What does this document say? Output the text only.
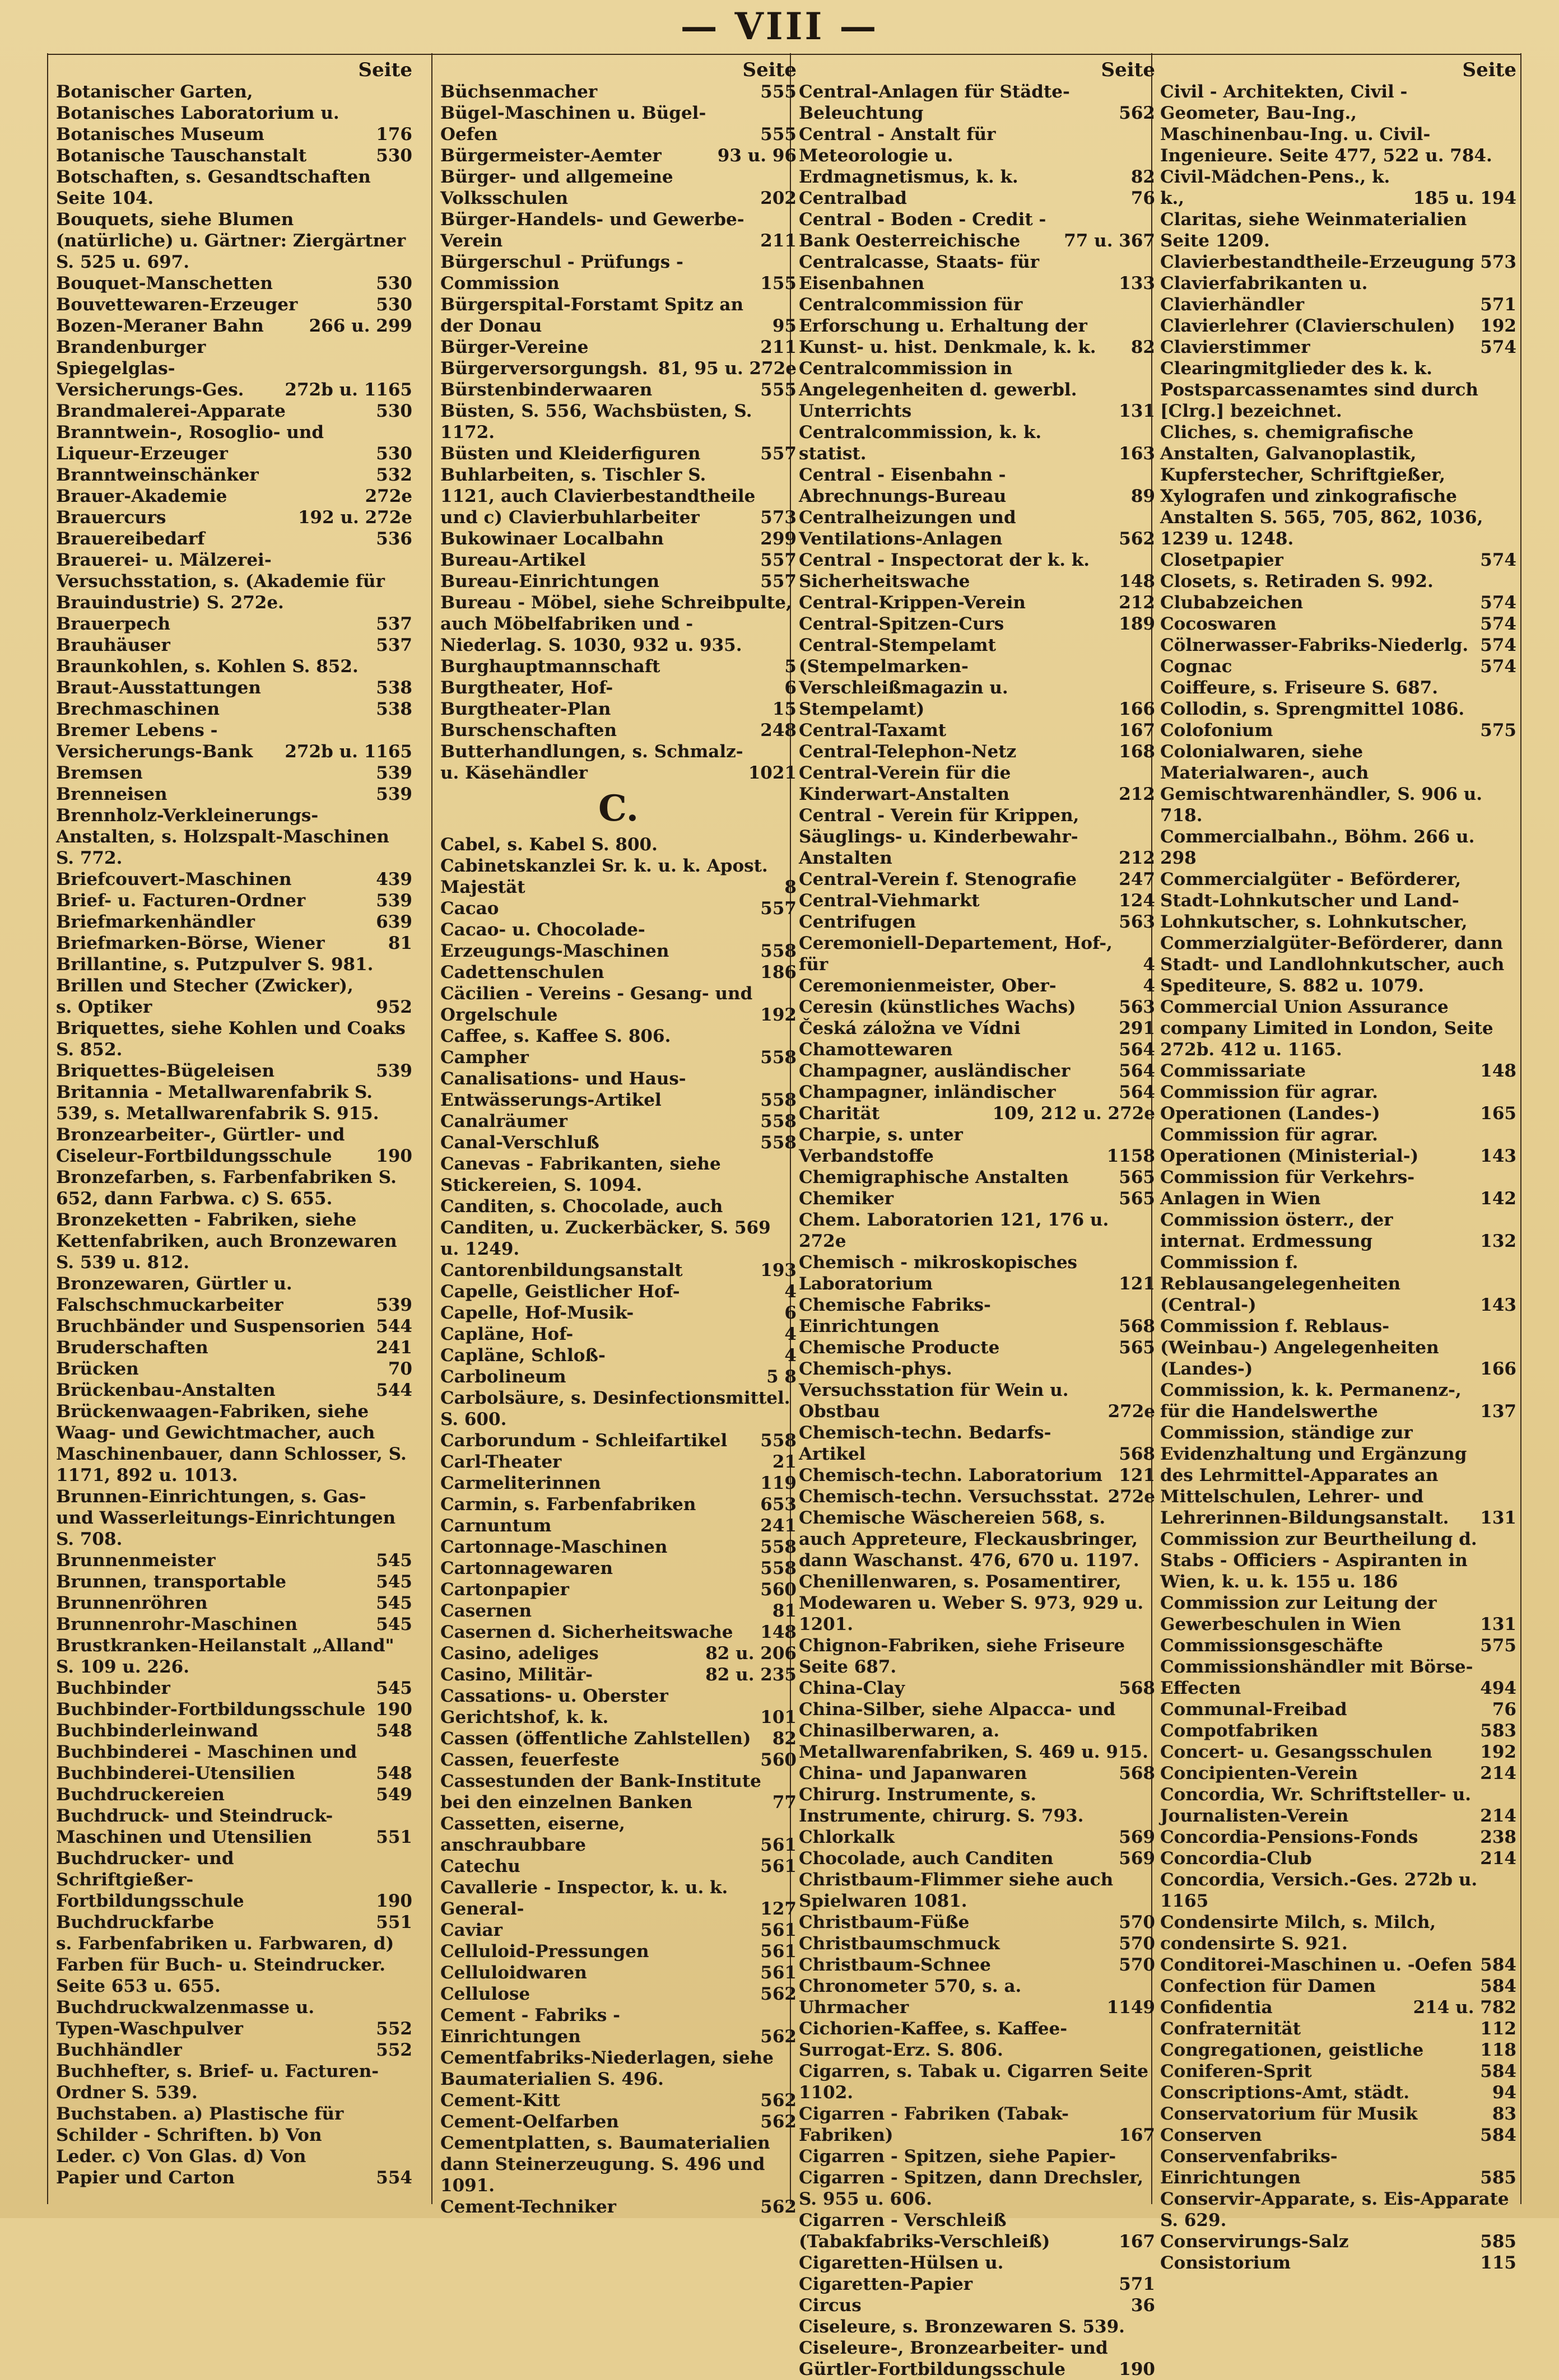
— VIII —
Seite
Botanischer Garten, Botanisches Laboratorium u. Botanisches Museum	176
Botanische Tauschanstalt	530
Botschaften, s. Gesandtschaften Seite 104.
Bouquets, siehe Blumen (natürliche) u. Gärtner: Ziergärtner S. 525 u. 697.
Bouquet-Manschetten	530
Bouvettewaren-Erzeuger	530
Bozen-Meraner Bahn	266 u. 299
Brandenburger Spiegelglas-Versicherungs-Ges.	272b u. 1165
Brandmalerei-Apparate	530
Branntwein-, Rosoglio- und Liqueur-Erzeuger	530
Branntweinschänker	532
Brauer-Akademie	272e
Brauercurs	192 u. 272e
Brauereibedarf	536
Brauerei- u. Mälzerei-Versuchsstation, s. (Akademie für Brauindustrie) S. 272e.
Brauerpech	537
Brauhäuser	537
Braunkohlen, s. Kohlen S. 852.
Braut-Ausstattungen	538
Brechmaschinen	538
Bremer Lebens - Versicherungs-Bank	272b u. 1165
Bremsen	539
Brenneisen	539
Brennholz-Verkleinerungs-Anstalten, s. Holzspalt-Maschinen S. 772.
Briefcouvert-Maschinen	439
Brief- u. Facturen-Ordner	539
Briefmarkenhändler	639
Briefmarken-Börse, Wiener	81
Brillantine, s. Putzpulver S. 981.
Brillen und Stecher (Zwicker), s. Optiker	952
Briquettes, siehe Kohlen und Coaks S. 852.
Briquettes-Bügeleisen	539
Britannia - Metallwarenfabrik S. 539, s. Metallwarenfabrik S. 915.
Bronzearbeiter-, Gürtler- und Ciseleur-Fortbildungsschule	190
Bronzefarben, s. Farbenfabriken S. 652, dann Farbwa. c) S. 655.
Bronzeketten - Fabriken, siehe Kettenfabriken, auch Bronzewaren S. 539 u. 812.
Bronzewaren, Gürtler u. Falschschmuckarbeiter	539
Bruchbänder und Suspensorien 544
Bruderschaften	241
Brücken	70
Brückenbau-Anstalten	544
Brückenwaagen-Fabriken, siehe Waag- und Gewichtmacher, auch Maschinenbauer, dann Schlosser, S. 1171, 892 u. 1013.
Brunnen-Einrichtungen, s. Gas- und Wasserleitungs-Einrichtungen S. 708.
Brunnenmeister	545
Brunnen, transportable	545
Brunnenröhren	545
Brunnenrohr-Maschinen	545
Brustkranken-Heilanstalt „Alland" S. 109 u. 226.
Buchbinder	545
Buchbinder-Fortbildungsschule 190
Buchbinderleinwand	548
Buchbinderei - Maschinen und Buchbinderei-Utensilien	548
Buchdruckereien	549
Buchdruck- und Steindruck-Maschinen und Utensilien	551
Buchdrucker- und Schriftgießer-Fortbildungsschule	190
Buchdruckfarbe	551
s. Farbenfabriken u. Farbwaren, d) Farben für Buch- u. Steindrucker. Seite 653 u. 655.
Buchdruckwalzenmasse u. Typen-Waschpulver	552
Buchhändler	552
Buchhefter, s. Brief- u. Facturen-Ordner S. 539.
Buchstaben. a) Plastische für Schilder - Schriften. b) Von Leder. c) Von Glas. d) Von Papier und Carton	554
Seite
Büchsenmacher	555
Bügel-Maschinen u. Bügel-Oefen	555
Bürgermeister-Aemter	93 u. 96
Bürger- und allgemeine Volksschulen	202
Bürger-Handels- und Gewerbe-Verein	211
Bürgerschul - Prüfungs - Commission	155
Bürgerspital-Forstamt Spitz an der Donau	95
Bürger-Vereine	211
Bürgerversorgungsh. 81, 95 u. 272e
Bürstenbinderwaaren	555
Büsten, S. 556, Wachsbüsten, S. 1172.
Büsten und Kleiderfiguren	557
Buhlarbeiten, s. Tischler S. 1121, auch Clavierbestandtheile und c) Clavierbuhlarbeiter	573
Bukowinaer Localbahn	299
Bureau-Artikel	557
Bureau-Einrichtungen	557
Bureau - Möbel, siehe Schreibpulte, auch Möbelfabriken und -Niederlag. S. 1030, 932 u. 935.
Burghauptmannschaft	5
Burgtheater, Hof-	6
Burgtheater-Plan	15
Burschenschaften	248
Butterhandlungen, s. Schmalz- u. Käsehändler	1021
C.
Cabel, s. Kabel S. 800.
Cabinetskanzlei Sr. k. u. k. Apost. Majestät	8
Cacao	557
Cacao- u. Chocolade-Erzeugungs-Maschinen	558
Cadettenschulen	186
Cäcilien - Vereins - Gesang- und Orgelschule	192
Caffee, s. Kaffee S. 806.
Campher	558
Canalisations- und Haus-Entwässerungs-Artikel	558
Canalräumer	558
Canal-Verschluß	558
Canevas - Fabrikanten, siehe Stickereien, S. 1094.
Canditen, s. Chocolade, auch Canditen, u. Zuckerbäcker, S. 569 u. 1249.
Cantorenbildungsanstalt	193
Capelle, Geistlicher Hof-	4
Capelle, Hof-Musik-	6
Capläne, Hof-	4
Capläne, Schloß-	4
Carbolineum	5 8
Carbolsäure, s. Desinfectionsmittel. S. 600.
Carborundum - Schleifartikel	558
Carl-Theater	21
Carmeliterinnen	119
Carmin, s. Farbenfabriken	653
Carnuntum	241
Cartonnage-Maschinen	558
Cartonnagewaren	558
Cartonpapier	560
Casernen	81
Casernen d. Sicherheitswache	148
Casino, adeliges	82 u. 206
Casino, Militär-	82 u. 235
Cassations- u. Oberster Gerichtshof, k. k.	101
Cassen (öffentliche Zahlstellen)	82
Cassen, feuerfeste	560
Cassestunden der Bank-Institute bei den einzelnen Banken	77
Cassetten, eiserne, anschraubbare	561
Catechu	561
Cavallerie - Inspector, k. u. k. General-	127
Caviar	561
Celluloid-Pressungen	561
Celluloidwaren	561
Cellulose	562
Cement - Fabriks - Einrichtungen	562
Cementfabriks-Niederlagen, siehe Baumaterialien S. 496.
Cement-Kitt	562
Cement-Oelfarben	562
Cementplatten, s. Baumaterialien dann Steinerzeugung. S. 496 und 1091.
Cement-Techniker	562
Seite
Central-Anlagen für Städte-Beleuchtung	562
Central - Anstalt für Meteorologie u. Erdmagnetismus, k. k.	82
Centralbad	76
Central - Boden - Credit - Bank Oesterreichische	77 u. 367
Centralcasse, Staats- für Eisenbahnen	133
Centralcommission für Erforschung u. Erhaltung der Kunst- u. hist. Denkmale, k. k.	82
Centralcommission in Angelegenheiten d. gewerbl. Unterrichts	131
Centralcommission, k. k. statist.	163
Central - Eisenbahn - Abrechnungs-Bureau	89
Centralheizungen und Ventilations-Anlagen	562
Central - Inspectorat der k. k. Sicherheitswache	148
Central-Krippen-Verein	212
Central-Spitzen-Curs	189
Central-Stempelamt (Stempelmarken-Verschleißmagazin u. Stempelamt)	166
Central-Taxamt	167
Central-Telephon-Netz	168
Central-Verein für die Kinderwart-Anstalten	212
Central - Verein für Krippen, Säuglings- u. Kinderbewahr-Anstalten	212
Central-Verein f. Stenografie	247
Central-Viehmarkt	124
Centrifugen	563
Ceremoniell-Departement, Hof-, für	4
Ceremonienmeister, Ober-	4
Ceresin (künstliches Wachs)	563
Česká záložna ve Vídni	291
Chamottewaren	564
Champagner, ausländischer	564
Champagner, inländischer	564
Charität	109, 212 u. 272e
Charpie, s. unter Verbandstoffe	1158
Chemigraphische Anstalten	565
Chemiker	565
Chem. Laboratorien 121, 176 u. 272e
Chemisch - mikroskopisches Laboratorium	121
Chemische Fabriks-Einrichtungen	568
Chemische Producte	565
Chemisch-phys. Versuchsstation für Wein u. Obstbau	272e
Chemisch-techn. Bedarfs-Artikel	568
Chemisch-techn. Laboratorium 121
Chemisch-techn. Versuchsstat. 272e
Chemische Wäschereien 568, s. auch Appreteure, Fleckausbringer, dann Waschanst. 476, 670 u. 1197.
Chenillenwaren, s. Posamentirer, Modewaren u. Weber S. 973, 929 u. 1201.
Chignon-Fabriken, siehe Friseure Seite 687.
China-Clay	568
China-Silber, siehe Alpacca- und Chinasilberwaren, a. Metallwarenfabriken, S. 469 u. 915.
China- und Japanwaren	568
Chirurg. Instrumente, s. Instrumente, chirurg. S. 793.
Chlorkalk	569
Chocolade, auch Canditen	569
Christbaum-Flimmer siehe auch Spielwaren 1081.
Christbaum-Füße	570
Christbaumschmuck	570
Christbaum-Schnee	570
Chronometer 570, s. a. Uhrmacher	1149
Cichorien-Kaffee, s. Kaffee-Surrogat-Erz. S. 806.
Cigarren, s. Tabak u. Cigarren Seite 1102.
Cigarren - Fabriken (Tabak-Fabriken)	167
Cigarren - Spitzen, siehe Papier-Cigarren - Spitzen, dann Drechsler, S. 955 u. 606.
Cigarren - Verschleiß (Tabakfabriks-Verschleiß)	167
Cigaretten-Hülsen u. Cigaretten-Papier	571
Circus	36
Ciseleure, s. Bronzewaren S. 539.
Ciseleure-, Bronzearbeiter- und Gürtler-Fortbildungsschule	190
Seite
Civil - Architekten, Civil - Geometer, Bau-Ing., Maschinenbau-Ing. u. Civil-Ingenieure. Seite 477, 522 u. 784.
Civil-Mädchen-Pens., k. k.,	185 u. 194
Claritas, siehe Weinmaterialien Seite 1209.
Clavierbestandtheile-Erzeugung 573
Clavierfabrikanten u. Clavierhändler	571
Clavierlehrer (Clavierschulen)	192
Clavierstimmer	574
Clearingmitglieder des k. k. Postsparcassenamtes sind durch [Clrg.] bezeichnet.
Cliches, s. chemigrafische Anstalten, Galvanoplastik, Kupferstecher, Schriftgießer, Xylografen und zinkografische Anstalten S. 565, 705, 862, 1036, 1239 u. 1248.
Closetpapier	574
Closets, s. Retiraden S. 992.
Clubabzeichen	574
Cocoswaren	574
Cölnerwasser-Fabriks-Niederlg. 574
Cognac	574
Coiffeure, s. Friseure S. 687.
Collodin, s. Sprengmittel 1086.
Colofonium	575
Colonialwaren, siehe Materialwaren-, auch Gemischtwarenhändler, S. 906 u. 718.
Commercialbahn., Böhm. 266 u. 298
Commercialgüter - Beförderer, Stadt-Lohnkutscher und Land-Lohnkutscher, s. Lohnkutscher, Commerzialgüter-Beförderer, dann Stadt- und Landlohnkutscher, auch Spediteure, S. 882 u. 1079.
Commercial Union Assurance company Limited in London, Seite 272b. 412 u. 1165.
Commissariate	148
Commission für agrar. Operationen (Landes-)	165
Commission für agrar. Operationen (Ministerial-)	143
Commission für Verkehrs-Anlagen in Wien	142
Commission österr., der internat. Erdmessung	132
Commission f. Reblausangelegenheiten (Central-)	143
Commission f. Reblaus- (Weinbau-) Angelegenheiten (Landes-)	166
Commission, k. k. Permanenz-, für die Handelswerthe	137
Commission, ständige zur Evidenzhaltung und Ergänzung des Lehrmittel-Apparates an Mittelschulen, Lehrer- und Lehrerinnen-Bildungsanstalt.	131
Commission zur Beurtheilung d. Stabs - Officiers - Aspiranten in Wien, k. u. k. 155 u. 186
Commission zur Leitung der Gewerbeschulen in Wien	131
Commissionsgeschäfte	575
Commissionshändler mit Börse-Effecten	494
Communal-Freibad	76
Compotfabriken	583
Concert- u. Gesangsschulen	192
Concipienten-Verein	214
Concordia, Wr. Schriftsteller- u. Journalisten-Verein	214
Concordia-Pensions-Fonds	238
Concordia-Club	214
Concordia, Versich.-Ges. 272b u. 1165
Condensirte Milch, s. Milch, condensirte S. 921.
Conditorei-Maschinen u. -Oefen 584
Confection für Damen	584
Confidentia	214 u. 782
Confraternität	112
Congregationen, geistliche	118
Coniferen-Sprit	584
Conscriptions-Amt, städt.	94
Conservatorium für Musik	83
Conserven	584
Conservenfabriks-Einrichtungen	585
Conservir-Apparate, s. Eis-Apparate S. 629.
Conservirungs-Salz	585
Consistorium	115
